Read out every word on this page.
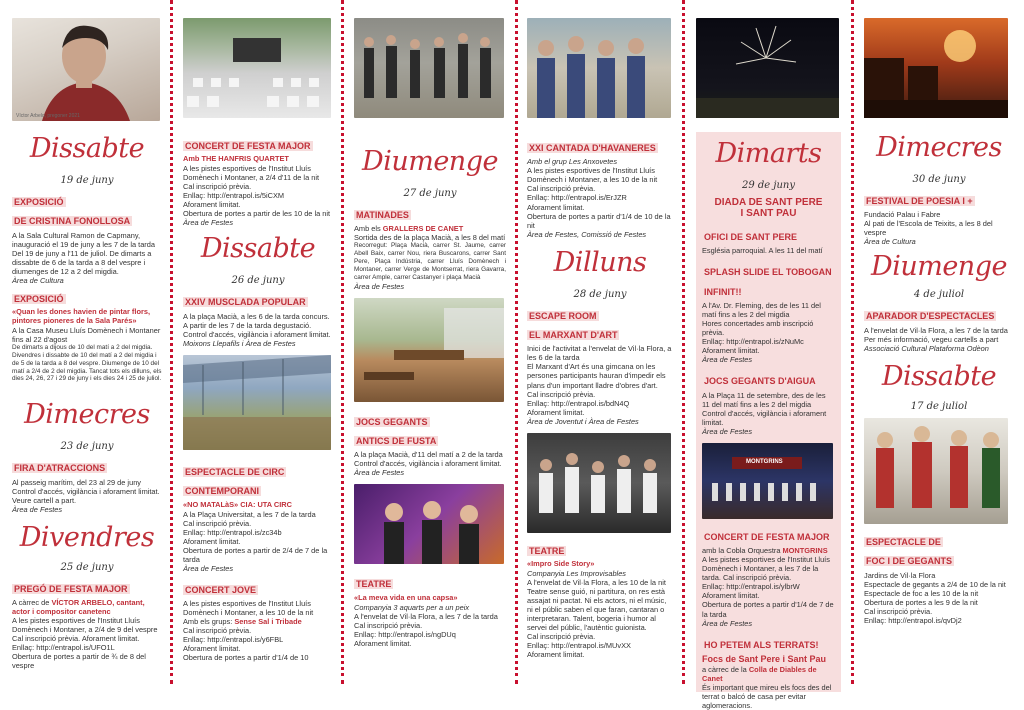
Víctor Arbelo, pregoner 2021
Dissabte
19 de juny
EXPOSICIÓ
DE CRISTINA FONOLLOSA
A la Sala Cultural Ramon de Capmany, inauguració el 19 de juny a les 7 de la tarda
Del 19 de juny a l'11 de juliol. De dimarts a dissabte de 6 de la tarda a 8 del vespre i diumenges de 12 a 2 del migdia.
Àrea de Cultura
EXPOSICIÓ
«Quan les dones havien de pintar flors, pintores pioneres de la Sala Parés»
A la Casa Museu Lluís Domènech i Montaner fins al 22 d'agost
De dimarts a dijous de 10 del matí a 2 del migdia. Divendres i dissabte de 10 del matí a 2 del migdia i de 5 de la tarda a 8 del vespre. Diumenge de 10 del matí a 2/4 de 2 del migdia. Tancat tots els dilluns, els dies 24, 26, 27 i 29 de juny i els dies 24 i 25 de juliol.
Dimecres
23 de juny
FIRA D'ATRACCIONS
Al passeig marítim, del 23 al 29 de juny Control d'accés, vigilància i aforament limitat. Veure cartell a part.
Àrea de Festes
Divendres
25 de juny
PREGÓ DE FESTA MAJOR
A càrrec de VÍCTOR ARBELO, cantant, actor i compositor canetenc
A les pistes esportives de l'Institut Lluís Domènech i Montaner, a 2/4 de 9 del vespre
Cal inscripció prèvia. Aforament limitat.
Enllaç: http://entrapol.is/UFO1L
Obertura de portes a partir de ¾ de 8 del vespre
CONCERT DE FESTA MAJOR
Amb THE HANFRIS QUARTET
A les pistes esportives de l'Institut Lluís Domènech i Montaner, a 2/4 d'11 de la nit
Cal inscripció prèvia.
Enllaç: http://entrapol.is/5iCXM
Aforament limitat.
Obertura de portes a partir de les 10 de la nit
Àrea de Festes
Dissabte
26 de juny
XXIV MUSCLADA POPULAR
A la plaça Macià, a les 6 de la tarda concurs. A partir de les 7 de la tarda degustació. Control d'accés, vigilància i aforament limitat.
Moixons Llepafils i Àrea de Festes
ESPECTACLE DE CIRC
CONTEMPORANI
«NO MATALàS» CIA: UTA CIRC
A la Plaça Universitat, a les 7 de la tarda
Cal inscripció prèvia.
Enllaç: http://entrapol.is/zc34b
Aforament limitat.
Obertura de portes a partir de 2/4 de 7 de la tarda
Àrea de Festes
CONCERT JOVE
A les pistes esportives de l'Institut Lluís Domènech i Montaner, a les 10 de la nit
Amb els grups: Sense Sal i Tribade
Cal inscripció prèvia.
Enllaç: http://entrapol.is/y6FBL
Aforament limitat.
Obertura de portes a partir d'1/4 de 10
Diumenge
27 de juny
MATINADES
Amb els GRALLERS DE CANET
Sortida des de la plaça Macià, a les 8 del matí
Recorregut: Plaça Macià, carrer St. Jaume, carrer Abell Baix, carrer Nou, riera Buscarons, carrer Sant Pere, Plaça Indústria, carrer Lluís Domènech i Montaner, carrer Verge de Montserrat, riera Gavarra, carrer Ample, carrer Castanyer i plaça Macià
Àrea de Festes
JOCS GEGANTS
ANTICS DE FUSTA
A la plaça Macià, d'11 del matí a 2 de la tarda
Control d'accés, vigilància i aforament limitat.
Àrea de Festes
TEATRE
«La meva vida en una capsa»
Companyia 3 aquarts per a un peix
A l'envelat de Vil·la Flora, a les 7 de la tarda
Cal inscripció prèvia.
Enllaç: http://entrapol.is/ngDUq
Aforament limitat.
XXI CANTADA D'HAVANERES
Amb el grup Les Anxovetes
A les pistes esportives de l'Institut Lluís Domènech i Montaner, a les 10 de la nit
Cal inscripció prèvia.
Enllaç: http://entrapol.is/ErJZR
Aforament limitat.
Obertura de portes a partir d'1/4 de 10 de la nit
Àrea de Festes, Comissió de Festes
Dilluns
28 de juny
ESCAPE ROOM
EL MARXANT D'ART
Inici de l'activitat a l'envelat de Vil·la Flora, a les 6 de la tarda
El Marxant d'Art és una gimcana on les persones participants hauran d'impedir els plans d'un important lladre d'obres d'art.
Cal inscripció prèvia.
Enllaç: http://entrapol.is/bdN4Q
Aforament limitat.
Àrea de Joventut i Àrea de Festes
TEATRE
«Impro Side Story»
Companyia Les Improvisables
A l'envelat de Vil·la Flora, a les 10 de la nit
Teatre sense guió, ni partitura, on res està assajat ni pactat. Ni els actors, ni el músic, ni el públic saben el que faran, cantaran o interpretaran. Talent, bogeria i humor al servei del públic, l'autèntic guionista.
Cal inscripció prèvia.
Enllaç: http://entrapol.is/MUvXX
Aforament limitat.
Dimarts
29 de juny
DIADA DE SANT PERE
I SANT PAU
OFICI DE SANT PERE
Església parroquial. A les 11 del matí
SPLASH SLIDE EL TOBOGAN
INFINIT!!
A l'Av. Dr. Fleming, des de les 11 del matí fins a les 2 del migdia
Hores concertades amb inscripció prèvia.
Enllaç: http://entrapol.is/zNuMc
Aforament limitat.
Àrea de Festes
JOCS GEGANTS D'AIGUA
A la Plaça 11 de setembre, des de les 11 del matí fins a les 2 del migdia
Control d'accés, vigilància i aforament limitat.
Àrea de Festes
MONTGRINS
CONCERT DE FESTA MAJOR
amb la Cobla Orquestra MONTGRINS
A les pistes esportives de l'Institut Lluís Domènech i Montaner, a les 7 de la tarda. Cal inscripció prèvia.
Enllaç: http://entrapol.is/ylbrW
Aforament limitat.
Obertura de portes a partir d'1/4 de 7 de la tarda
Àrea de Festes
HO PETEM ALS TERRATS!
Focs de Sant Pere i Sant Pau
a càrrec de la Colla de Diables de Canet
És important que mireu els focs des del terrat o balcó de casa per evitar aglomeracions.
Dimecres
30 de juny
FESTIVAL DE POESIA I +
Fundació Palau i Fabre
Al pati de l'Escola de Teixits, a les 8 del vespre
Àrea de Cultura
Diumenge
4 de juliol
APARADOR D'ESPECTACLES
A l'envelat de Vil·la Flora, a les 7 de la tarda
Per més informació, vegeu cartells a part
Associació Cultural Plataforma Odèon
Dissabte
17 de juliol
ESPECTACLE DE
FOC I DE GEGANTS
Jardins de Vil·la Flora
Espectacle de gegants a 2/4 de 10 de la nit
Espectacle de foc a les 10 de la nit
Obertura de portes a les 9 de la nit
Cal inscripció prèvia.
Enllaç: http://entrapol.is/qvDj2
